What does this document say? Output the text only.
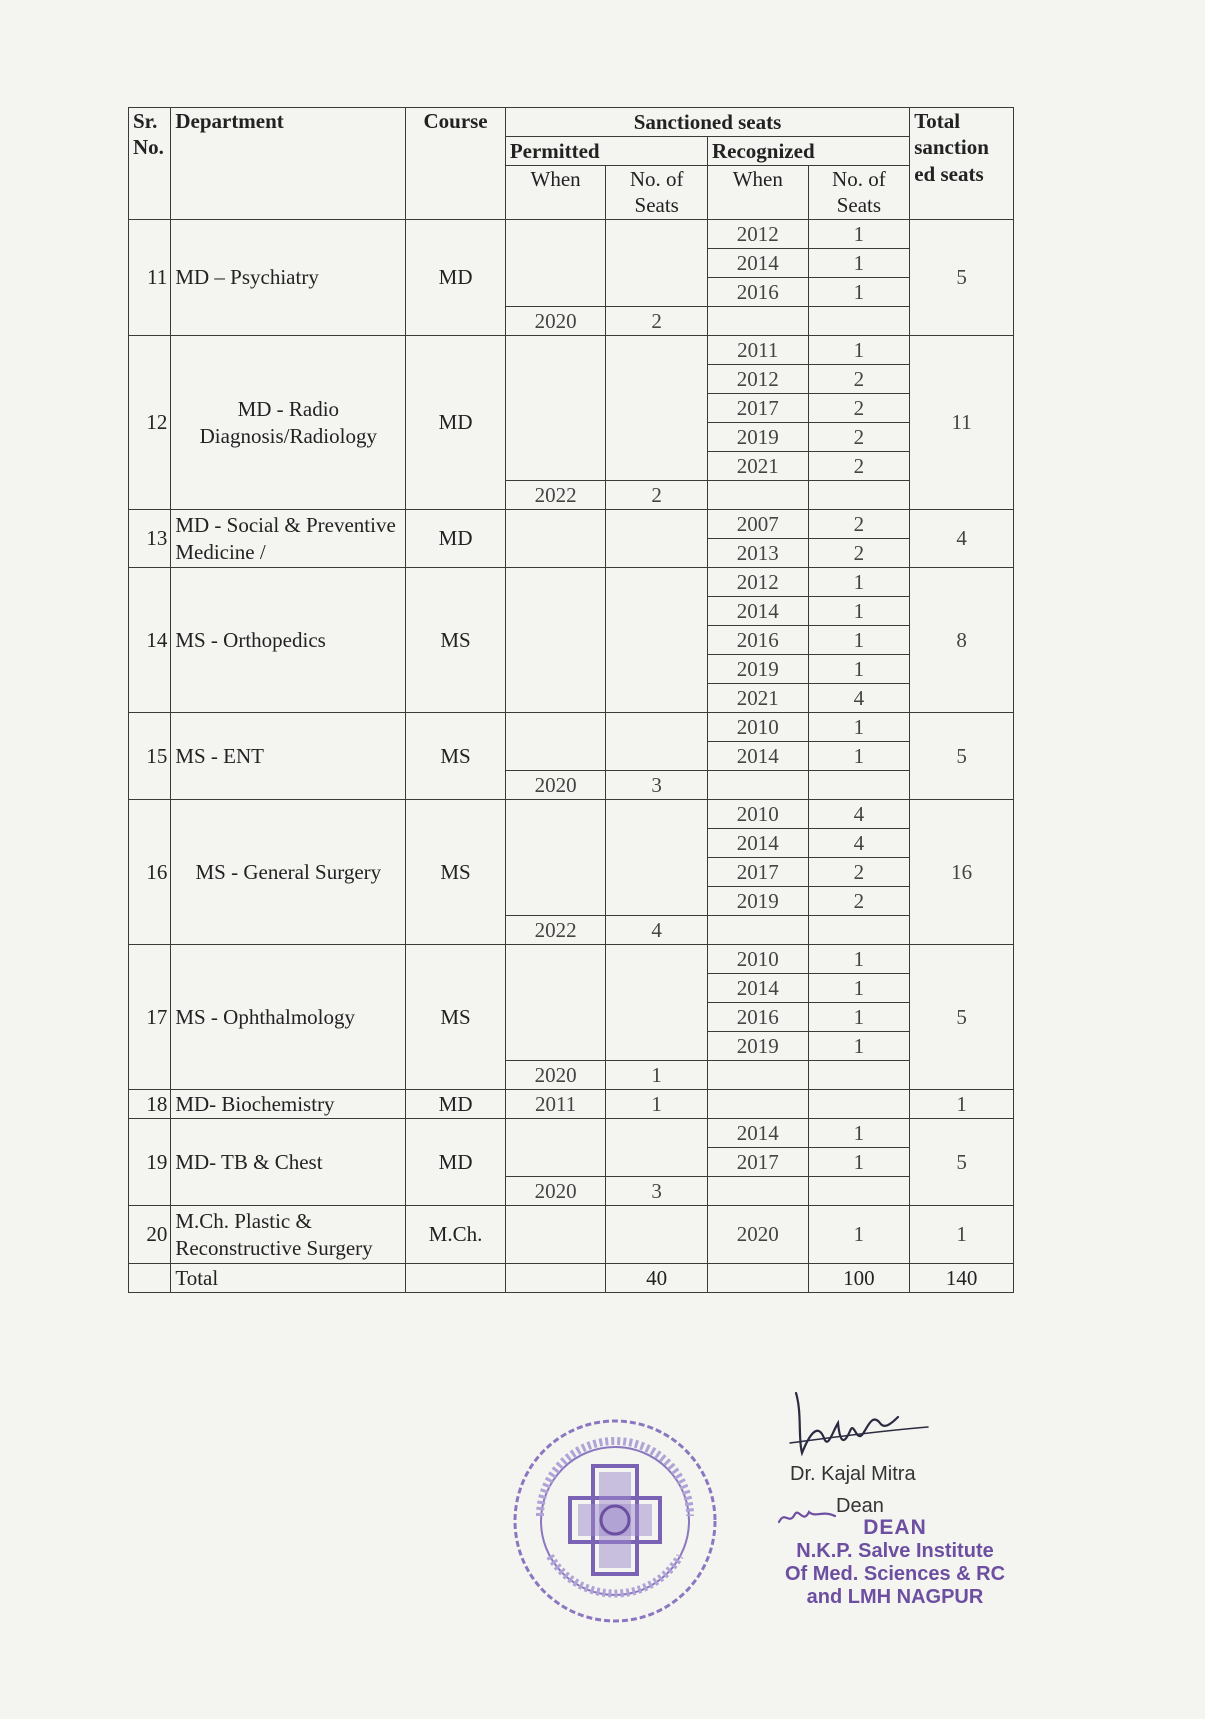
Sr. No.	Department	Course	Sanctioned seats				Total sanction ed seats
			Permitted		Recognized		
			When	No. of Seats	When	No. of Seats	
11	MD – Psychiatry	MD			2012	1	5
					2014	1	
					2016	1	
			2020	2			
12	MD - Radio Diagnosis/Radiology	MD			2011	1	11
					2012	2	
					2017	2	
					2019	2	
					2021	2	
			2022	2			
13	MD - Social & Preventive Medicine /	MD			2007	2	4
					2013	2	
14	MS - Orthopedics	MS			2012	1	8
					2014	1	
					2016	1	
					2019	1	
					2021	4	
15	MS - ENT	MS			2010	1	5
					2014	1	
			2020	3			
16	MS - General Surgery	MS			2010	4	16
					2014	4	
					2017	2	
					2019	2	
			2022	4			
17	MS - Ophthalmology	MS			2010	1	5
					2014	1	
					2016	1	
					2019	1	
			2020	1			
18	MD- Biochemistry	MD	2011	1			1
19	MD- TB & Chest	MD			2014	1	5
					2017	1	
			2020	3			
20	M.Ch. Plastic & Reconstructive Surgery	M.Ch.			2020	1	1
	Total			40		100	140
Dr. Kajal Mitra
Dean
DEAN
N.K.P. Salve Institute
Of Med. Sciences & RC
and LMH NAGPUR
